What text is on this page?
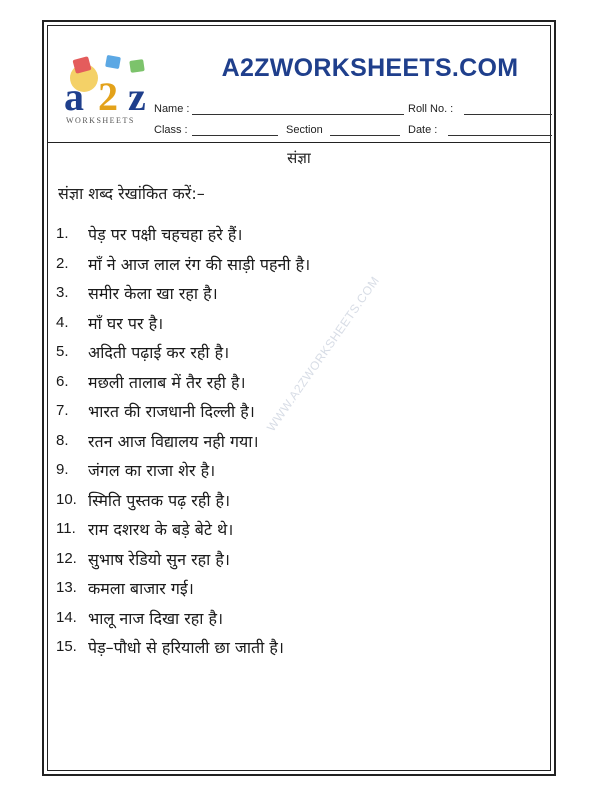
a 2 z
WORKSHEETS
A2ZWORKSHEETS.COM
Name :	Roll No. :
Class :	Section	Date :
संज्ञा
संज्ञा शब्द रेखांकित करें:–
1.	पेड़ पर पक्षी चहचहा हरे हैं।
2.	माँ ने आज लाल रंग की साड़ी पहनी है।
3.	समीर केला खा रहा है।
4.	माँ घर पर है।
5.	अदिती पढ़ाई कर रही है।
6.	मछली तालाब में तैर रही है।
7.	भारत की राजधानी दिल्ली है।
8.	रतन आज विद्यालय नही गया।
9.	जंगल का राजा शेर है।
10. स्मिति पुस्तक पढ़ रही है।
11. राम दशरथ के बड़े बेटे थे।
12. सुभाष रेडियो सुन रहा है।
13. कमला बाजार गई।
14. भालू नाज दिखा रहा है।
15. पेड़–पौधो से हरियाली छा जाती है।
WWW.A2ZWORKSHEETS.COM
